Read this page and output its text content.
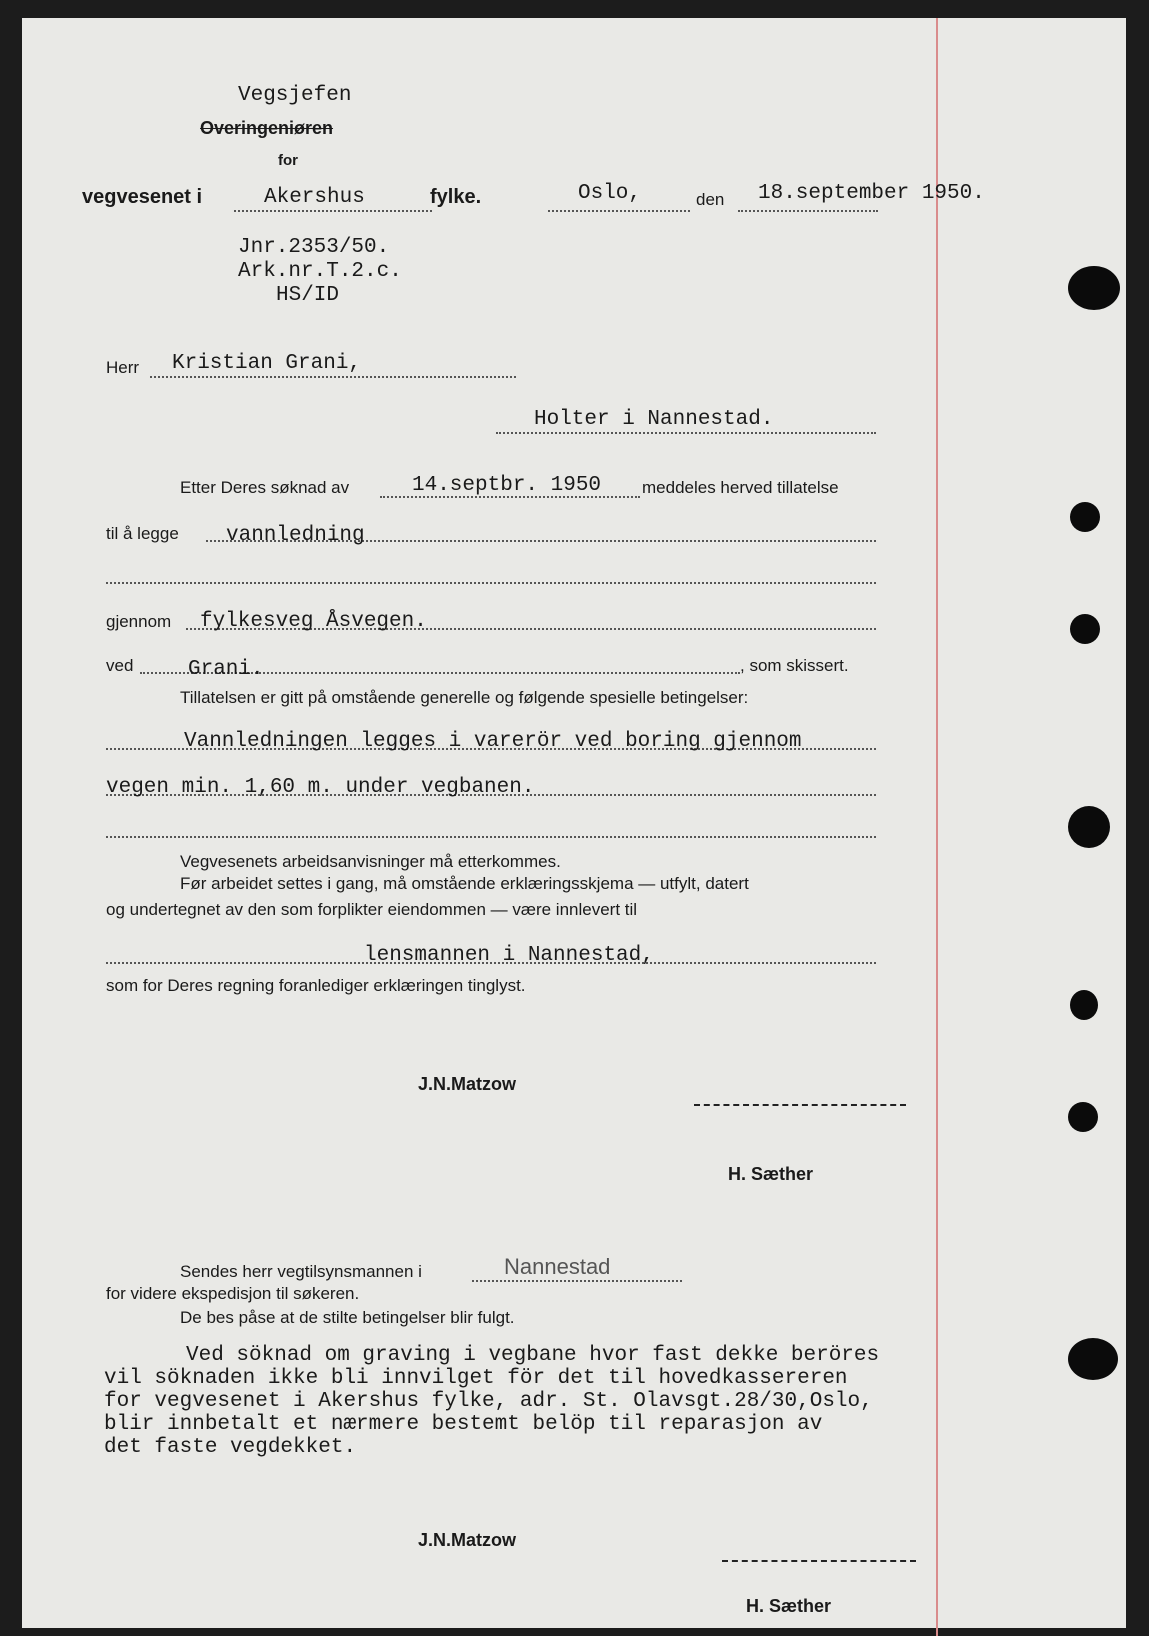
Vegsjefen
Overingeniøren
for
vegvesenet i	Akershus	fylke.	Oslo,	den 18.september 1950.
Jnr.2353/50.
Ark.nr.T.2.c.
HS/ID
Herr Kristian Grani,
Holter i Nannestad.
Etter Deres søknad av	14.septbr. 1950 meddeles herved tillatelse
til å legge vannledning
gjennom fylkesveg Åsvegen.
ved	Grani.	, som skissert.
Tillatelsen er gitt på omstående generelle og følgende spesielle betingelser:
Vannledningen legges i varerör ved boring gjennom
vegen min. 1,60 m. under vegbanen.
Vegvesenets arbeidsanvisninger må etterkommes.
Før arbeidet settes i gang, må omstående erklæringsskjema — utfylt, datert
og undertegnet av den som forplikter eiendommen — være innlevert til
lensmannen i Nannestad,
som for Deres regning foranlediger erklæringen tinglyst.
J.N.Matzow
H. Sæther
Sendes herr vegtilsynsmannen i	Nannestad
for videre ekspedisjon til søkeren.
De bes påse at de stilte betingelser blir fulgt.
Ved söknad om graving i vegbane hvor fast dekke beröres
vil söknaden ikke bli innvilget för det til hovedkassereren
for vegvesenet i Akershus fylke, adr. St. Olavsgt.28/30,Oslo,
blir innbetalt et nærmere bestemt belöp til reparasjon av
det faste vegdekket.
J.N.Matzow
H. Sæther
